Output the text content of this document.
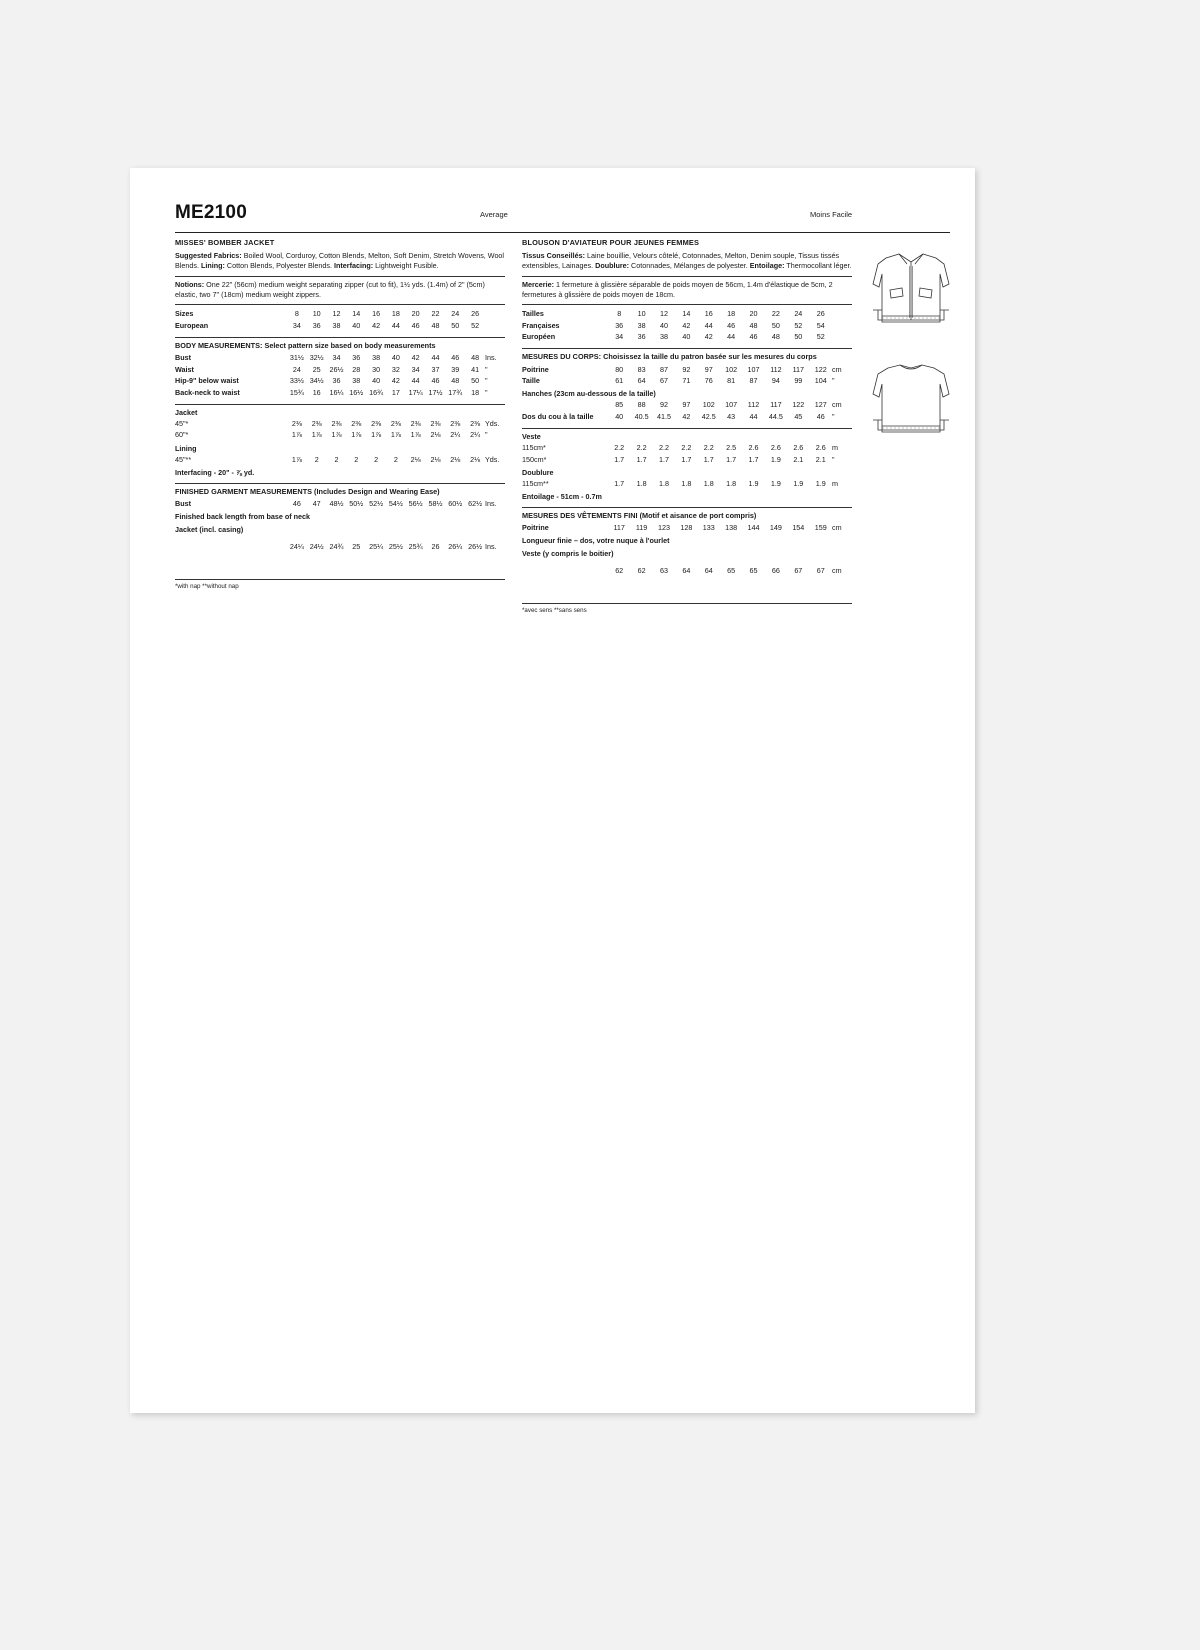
ME2100	Average	Moins Facile
MISSES' BOMBER JACKET

Suggested Fabrics: Boiled Wool, Corduroy, Cotton Blends, Melton, Soft Denim, Stretch Wovens, Wool Blends. Lining: Cotton Blends, Polyester Blends. Interfacing: Lightweight Fusible.

Notions: One 22" (56cm) medium weight separating zipper (cut to fit), 1½ yds. (1.4m) of 2" (5cm) elastic, two 7" (18cm) medium weight zippers.

Sizes	8	10	12	14	16	18	20	22	24	26	
European	34	36	38	40	42	44	46	48	50	52	
BODY MEASUREMENTS: Select pattern size based on body measurements
Bust	31½	32½	34	36	38	40	42	44	46	48	Ins.
Waist	24	25	26½	28	30	32	34	37	39	41	"
Hip-9" below waist	33½	34½	36	38	40	42	44	46	48	50	"
Back-neck to waist	15¾	16	16¼	16½	16¾	17	17¼	17½	17¾	18	"
Jacket
45"*	2⅜	2⅜	2⅜	2⅜	2⅜	2⅜	2⅜	2⅜	2⅜	2⅜	Yds.
60"*	1⅞	1⅞	1⅞	1⅞	1⅞	1⅞	1⅞	2⅛	2¼	2¼	"
Lining
45"**	1⅞	2	2	2	2	2	2⅛	2⅛	2⅛	2⅛	Yds.
Interfacing - 20" - ⅞ yd.
FINISHED GARMENT MEASUREMENTS (Includes Design and Wearing Ease)
Bust	46	47	48½	50½	52½	54½	56½	58½	60½	62½	Ins.
Finished back length from base of neck
Jacket (incl. casing)
	24¼	24½	24¾	25	25¼	25½	25¾	26	26¼	26½	Ins.
*with nap **without nap
BLOUSON D'AVIATEUR POUR JEUNES FEMMES

Tissus Conseillés: Laine bouillie, Velours côtelé, Cotonnades, Melton, Denim souple, Tissus tissés extensibles, Lainages. Doublure: Cotonnades, Mélanges de polyester. Entoilage: Thermocollant léger.

Mercerie: 1 fermeture à glissière séparable de poids moyen de 56cm, 1.4m d'élastique de 5cm, 2 fermetures à glissière de poids moyen de 18cm.

Tailles	8	10	12	14	16	18	20	22	24	26	
Françaises	36	38	40	42	44	46	48	50	52	54	
Européen	34	36	38	40	42	44	46	48	50	52	
MESURES DU CORPS: Choisissez la taille du patron basée sur les mesures du corps
Poitrine	80	83	87	92	97	102	107	112	117	122	cm
Taille	61	64	67	71	76	81	87	94	99	104	"
Hanches (23cm au-dessous de la taille)
	85	88	92	97	102	107	112	117	122	127	cm
Dos du cou à la taille	40	40.5	41.5	42	42.5	43	44	44.5	45	46	"
Veste
115cm*	2.2	2.2	2.2	2.2	2.2	2.5	2.6	2.6	2.6	2.6	m
150cm*	1.7	1.7	1.7	1.7	1.7	1.7	1.7	1.9	2.1	2.1	"
Doublure
115cm**	1.7	1.8	1.8	1.8	1.8	1.8	1.9	1.9	1.9	1.9	m
Entoilage - 51cm - 0.7m
MESURES DES VÊTEMENTS FINI (Motif et aisance de port compris)
Poitrine	117	119	123	128	133	138	144	149	154	159	cm
Longueur finie – dos, votre nuque à l'ourlet
Veste (y compris le boitier)
	62	62	63	64	64	65	65	66	67	67	cm
*avec sens **sans sens
